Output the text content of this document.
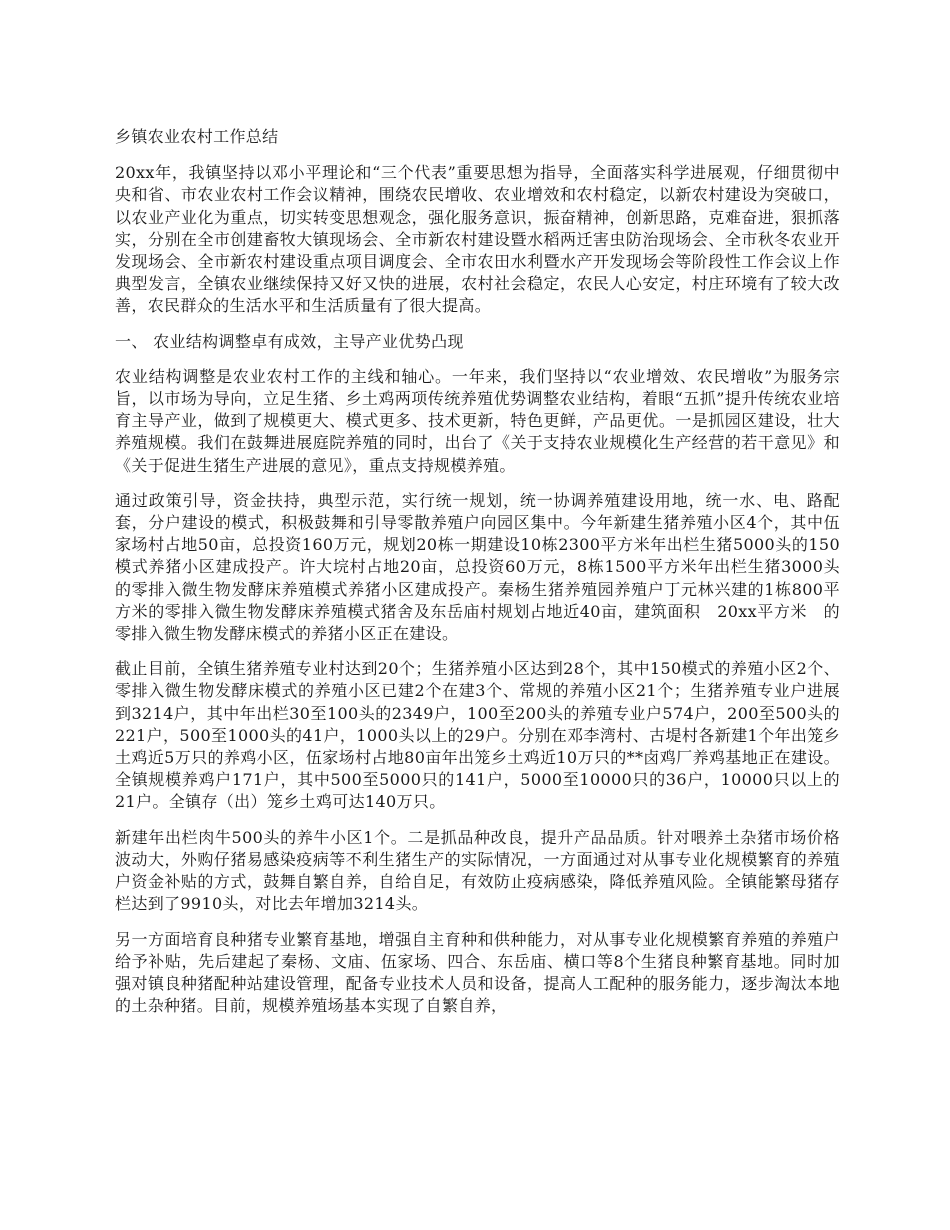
乡镇农业农村工作总结

20xx年，我镇坚持以邓小平理论和“三个代表”重要思想为指导，全面落实科学进展观，仔细贯彻中央和省、市农业农村工作会议精神，围绕农民增收、农业增效和农村稳定，以新农村建设为突破口，以农业产业化为重点，切实转变思想观念，强化服务意识，振奋精神，创新思路，克难奋进，狠抓落实，分别在全市创建畜牧大镇现场会、全市新农村建设暨水稻两迁害虫防治现场会、全市秋冬农业开发现场会、全市新农村建设重点项目调度会、全市农田水利暨水产开发现场会等阶段性工作会议上作典型发言，全镇农业继续保持又好又快的进展，农村社会稳定，农民人心安定，村庄环境有了较大改善，农民群众的生活水平和生活质量有了很大提高。

一、 农业结构调整卓有成效，主导产业优势凸现

农业结构调整是农业农村工作的主线和轴心。一年来，我们坚持以“农业增效、农民增收”为服务宗旨，以市场为导向，立足生猪、乡土鸡两项传统养殖优势调整农业结构，着眼“五抓”提升传统农业培育主导产业，做到了规模更大、模式更多、技术更新，特色更鲜，产品更优。一是抓园区建设，壮大养殖规模。我们在鼓舞进展庭院养殖的同时，出台了《关于支持农业规模化生产经营的若干意见》和《关于促进生猪生产进展的意见》，重点支持规模养殖。

通过政策引导，资金扶持，典型示范，实行统一规划，统一协调养殖建设用地，统一水、电、路配套，分户建设的模式，积极鼓舞和引导零散养殖户向园区集中。今年新建生猪养殖小区4个，其中伍家场村占地50亩，总投资160万元，规划20栋一期建设10栋2300平方米年出栏生猪5000头的150模式养猪小区建成投产。许大垸村占地20亩，总投资60万元，8栋1500平方米年出栏生猪3000头的零排入微生物发酵床养殖模式养猪小区建成投产。秦杨生猪养殖园养殖户丁元林兴建的1栋800平方米的零排入微生物发酵床养殖模式猪舍及东岳庙村规划占地近40亩，建筑面积　20xx平方米　的零排入微生物发酵床模式的养猪小区正在建设。

截止目前，全镇生猪养殖专业村达到20个；生猪养殖小区达到28个，其中150模式的养殖小区2个、零排入微生物发酵床模式的养殖小区已建2个在建3个、常规的养殖小区21个；生猪养殖专业户进展到3214户，其中年出栏30至100头的2349户，100至200头的养殖专业户574户，200至500头的221户，500至1000头的41户，1000头以上的29户。分别在邓李湾村、古堤村各新建1个年出笼乡土鸡近5万只的养鸡小区，伍家场村占地80亩年出笼乡土鸡近10万只的**卤鸡厂养鸡基地正在建设。全镇规模养鸡户171户，其中500至5000只的141户，5000至10000只的36户，10000只以上的21户。全镇存（出）笼乡土鸡可达140万只。

新建年出栏肉牛500头的养牛小区1个。二是抓品种改良，提升产品品质。针对喂养土杂猪市场价格波动大，外购仔猪易感染疫病等不利生猪生产的实际情况，一方面通过对从事专业化规模繁育的养殖户资金补贴的方式，鼓舞自繁自养，自给自足，有效防止疫病感染，降低养殖风险。全镇能繁母猪存栏达到了9910头，对比去年增加3214头。

另一方面培育良种猪专业繁育基地，增强自主育种和供种能力，对从事专业化规模繁育养殖的养殖户给予补贴，先后建起了秦杨、文庙、伍家场、四合、东岳庙、横口等8个生猪良种繁育基地。同时加强对镇良种猪配种站建设管理，配备专业技术人员和设备，提高人工配种的服务能力，逐步淘汰本地的土杂种猪。目前，规模养殖场基本实现了自繁自养，
